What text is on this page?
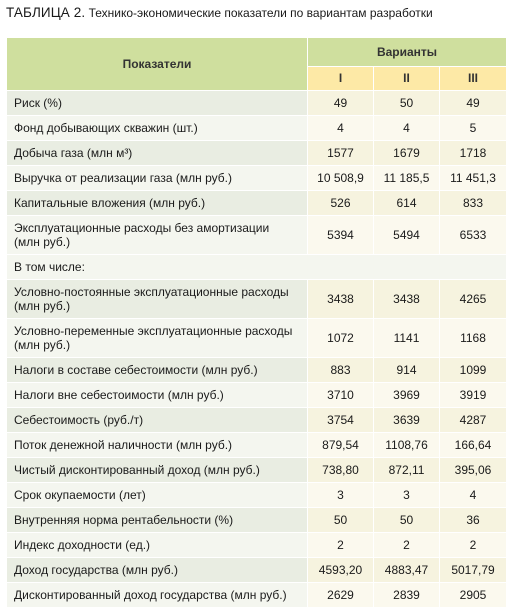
ТАБЛИЦА 2. Технико-экономические показатели по вариантам разработки
Показатели	Варианты		
	I	II	III
Риск (%)	49	50	49
Фонд добывающих скважин (шт.)	4	4	5
Добыча газа (млн м³)	1577	1679	1718
Выручка от реализации газа (млн руб.)	10 508,9	11 185,5	11 451,3
Капитальные вложения (млн руб.)	526	614	833
Эксплуатационные расходы без амортизации
(млн руб.)	5394	5494	6533
В том числе:			
Условно-постоянные эксплуатационные расходы
(млн руб.)	3438	3438	4265
Условно-переменные эксплуатационные расходы
(млн руб.)	1072	1141	1168
Налоги в составе себестоимости (млн руб.)	883	914	1099
Налоги вне себестоимости (млн руб.)	3710	3969	3919
Себестоимость (руб./т)	3754	3639	4287
Поток денежной наличности (млн руб.)	879,54	1108,76	166,64
Чистый дисконтированный доход (млн руб.)	738,80	872,11	395,06
Срок окупаемости (лет)	3	3	4
Внутренняя норма рентабельности (%)	50	50	36
Индекс доходности (ед.)	2	2	2
Доход государства (млн руб.)	4593,20	4883,47	5017,79
Дисконтированный доход государства (млн руб.)	2629	2839	2905
